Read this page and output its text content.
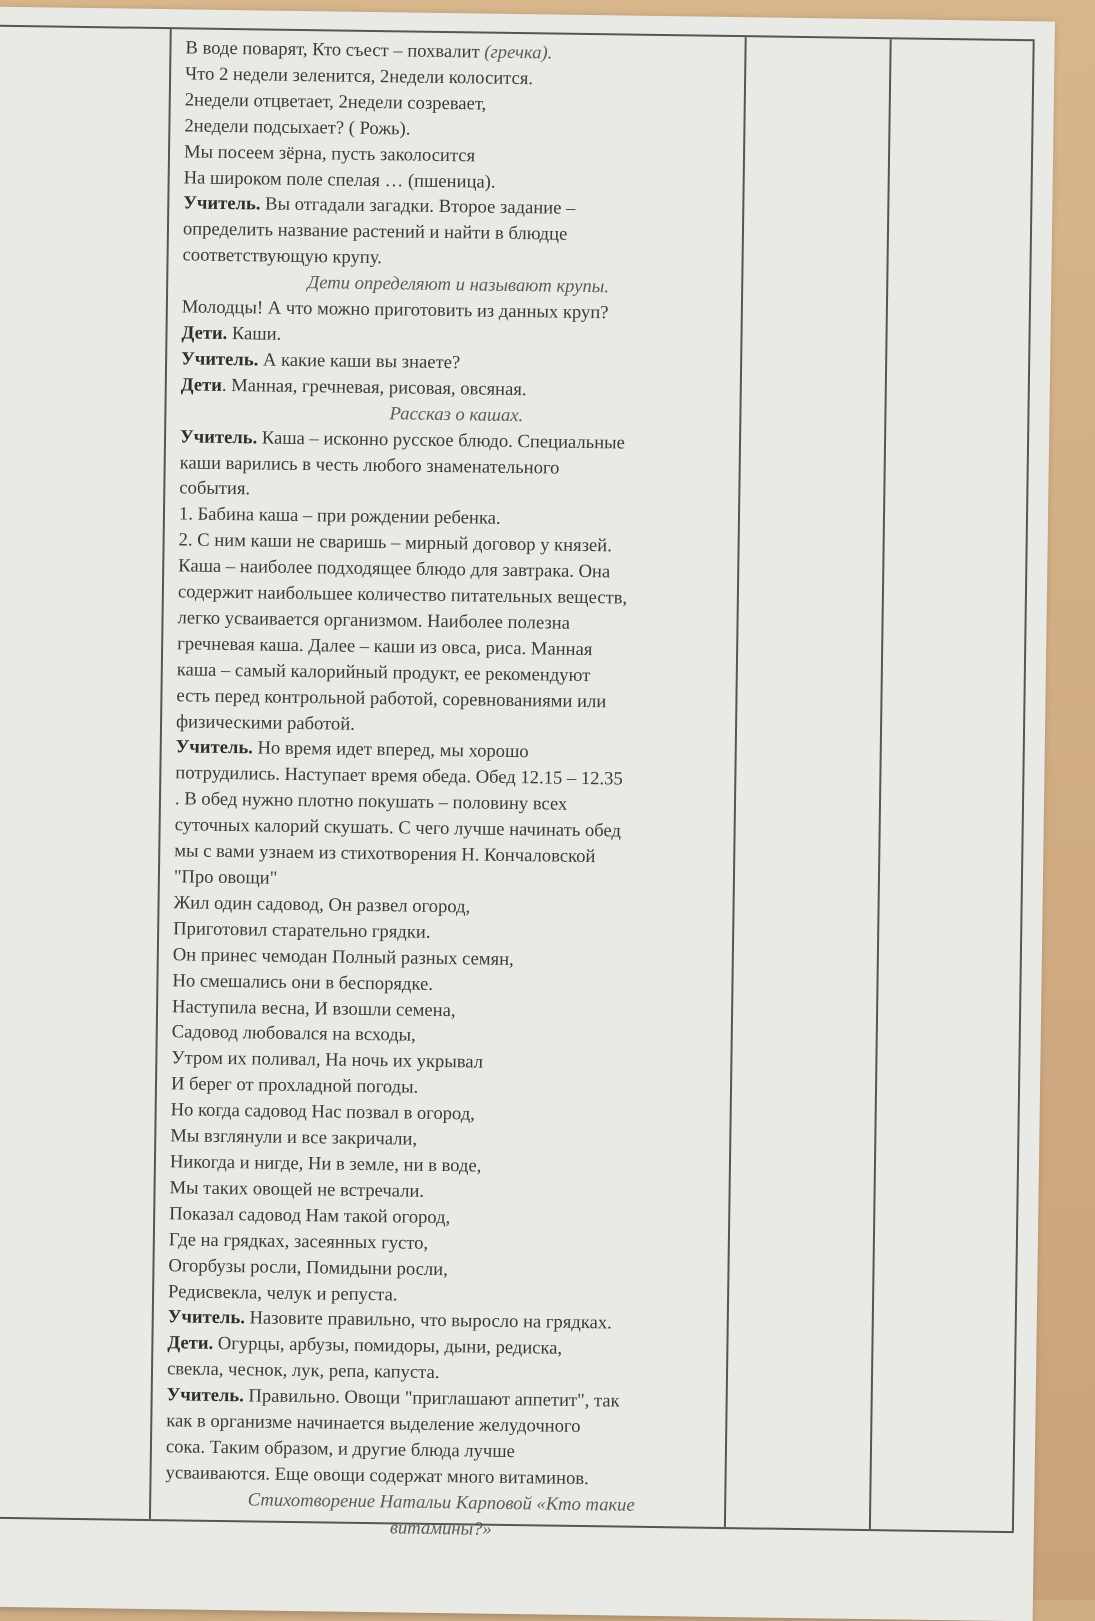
В воде поварят, Кто съест – похвалит (гречка).
Что 2 недели зеленится, 2недели колосится.
2недели отцветает, 2недели созревает,
2недели подсыхает? ( Рожь).
Мы посеем зёрна, пусть заколосится
На широком поле спелая … (пшеница).
Учитель. Вы отгадали загадки. Второе задание –
определить название растений и найти в блюдце
соответствующую крупу.
Дети определяют и называют крупы.
Молодцы! А что можно приготовить из данных круп?
Дети. Каши.
Учитель. А какие каши вы знаете?
Дети. Манная, гречневая, рисовая, овсяная.
Рассказ о кашах.
Учитель. Каша – исконно русское блюдо. Специальные
каши варились в честь любого знаменательного
события.
1. Бабина каша – при рождении ребенка.
2. С ним каши не сваришь – мирный договор у князей.
Каша – наиболее подходящее блюдо для завтрака. Она
содержит наибольшее количество питательных веществ,
легко усваивается организмом. Наиболее полезна
гречневая каша. Далее – каши из овса, риса. Манная
каша – самый калорийный продукт, ее рекомендуют
есть перед контрольной работой, соревнованиями или
физическими работой.
Учитель. Но время идет вперед, мы хорошо
потрудились. Наступает время обеда. Обед 12.15 – 12.35
. В обед нужно плотно покушать – половину всех
суточных калорий скушать. С чего лучше начинать обед
мы с вами узнаем из стихотворения Н. Кончаловской
"Про овощи"
Жил один садовод, Он развел огород,
Приготовил старательно грядки.
Он принес чемодан Полный разных семян,
Но смешались они в беспорядке.
Наступила весна, И взошли семена,
Садовод любовался на всходы,
Утром их поливал, На ночь их укрывал
И берег от прохладной погоды.
Но когда садовод Нас позвал в огород,
Мы взглянули и все закричали,
Никогда и нигде, Ни в земле, ни в воде,
Мы таких овощей не встречали.
Показал садовод Нам такой огород,
Где на грядках, засеянных густо,
Огорбузы росли, Помидыни росли,
Редисвекла, челук и репуста.
Учитель. Назовите правильно, что выросло на грядках.
Дети. Огурцы, арбузы, помидоры, дыни, редиска,
свекла, чеснок, лук, репа, капуста.
Учитель. Правильно. Овощи "приглашают аппетит", так
как в организме начинается выделение желудочного
сока. Таким образом, и другие блюда лучше
усваиваются. Еще овощи содержат много витаминов.
Стихотворение Натальи Карповой «Кто такие
витамины?»
